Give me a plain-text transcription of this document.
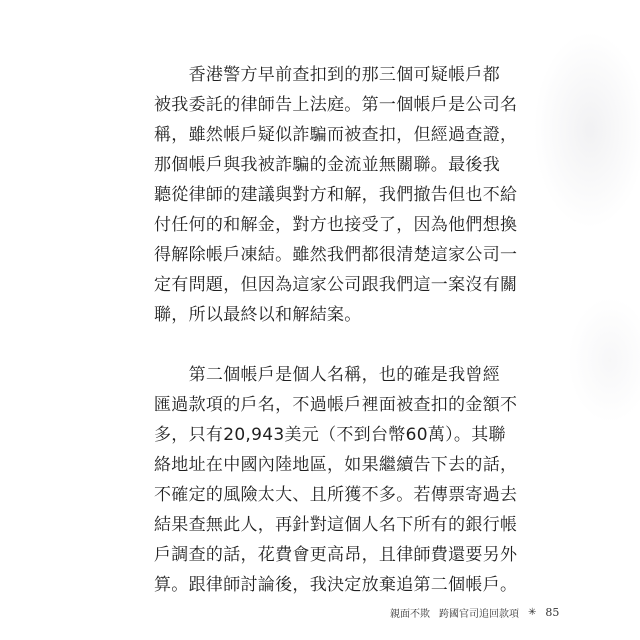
　　香港警方早前查扣到的那三個可疑帳戶都
被我委託的律師告上法庭。第一個帳戶是公司名
稱，雖然帳戶疑似詐騙而被查扣，但經過查證，
那個帳戶與我被詐騙的金流並無關聯。最後我
聽從律師的建議與對方和解，我們撤告但也不給
付任何的和解金，對方也接受了，因為他們想換
得解除帳戶凍結。雖然我們都很清楚這家公司一
定有問題，但因為這家公司跟我們這一案沒有關
聯，所以最終以和解結案。

　　第二個帳戶是個人名稱，也的確是我曾經
匯過款項的戶名，不過帳戶裡面被查扣的金額不
多，只有20,943美元（不到台幣60萬）。其聯
絡地址在中國內陸地區，如果繼續告下去的話，
不確定的風險太大、且所獲不多。若傳票寄過去
結果查無此人，再針對這個人名下所有的銀行帳
戶調查的話，花費會更高昂，且律師費還要另外
算。跟律師討論後，我決定放棄追第二個帳戶。

親面不欺 跨國官司追回款項 ✳ 85
